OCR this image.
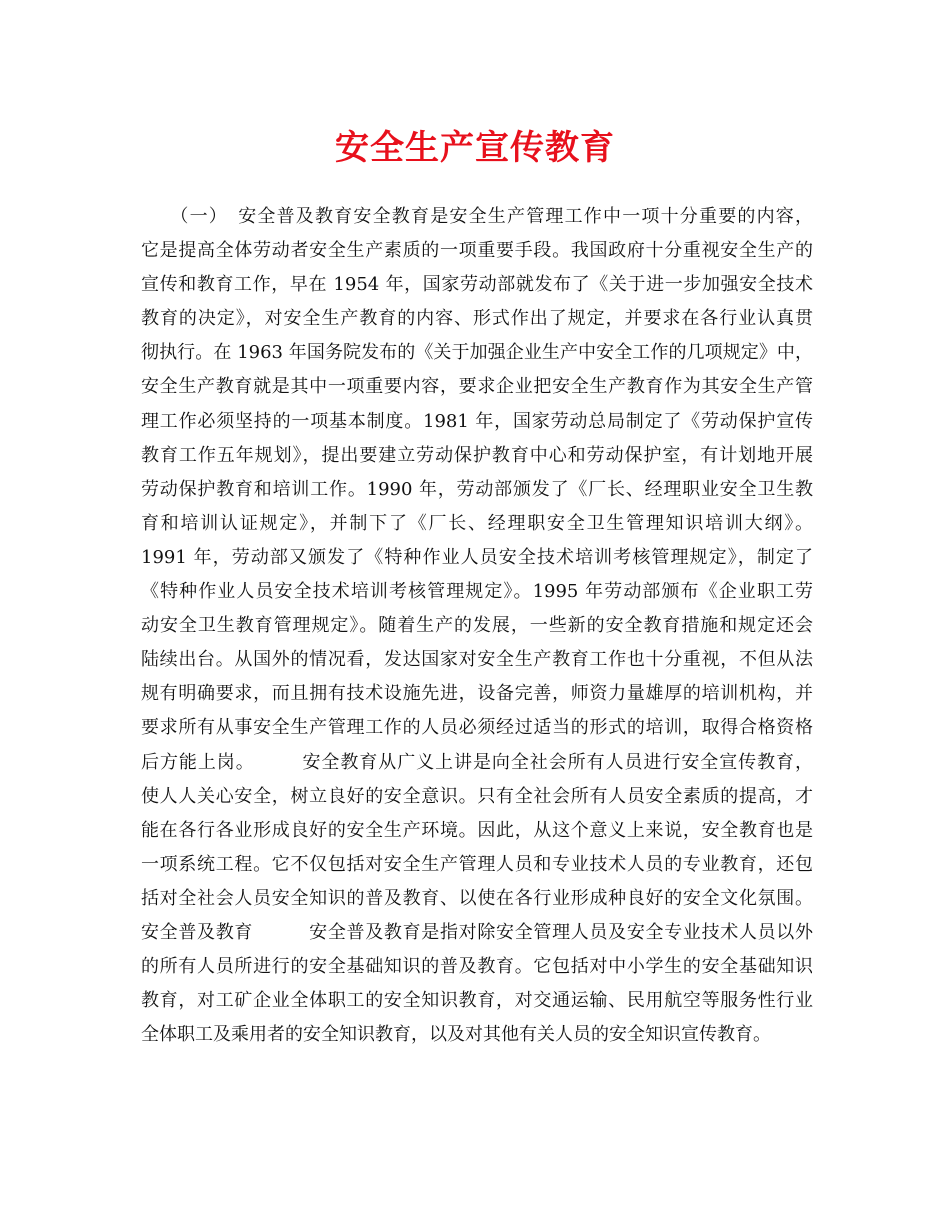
安全生产宣传教育
　　（一）　安全普及教育安全教育是安全生产管理工作中一项十分重要的内容，
它是提高全体劳动者安全生产素质的一项重要手段。我国政府十分重视安全生产的
宣传和教育工作，早在 1954 年，国家劳动部就发布了《关于进一步加强安全技术
教育的决定》，对安全生产教育的内容、形式作出了规定，并要求在各行业认真贯
彻执行。在 1963 年国务院发布的《关于加强企业生产中安全工作的几项规定》中，
安全生产教育就是其中一项重要内容，要求企业把安全生产教育作为其安全生产管
理工作必须坚持的一项基本制度。1981 年，国家劳动总局制定了《劳动保护宣传
教育工作五年规划》，提出要建立劳动保护教育中心和劳动保护室，有计划地开展
劳动保护教育和培训工作。1990 年，劳动部颁发了《厂长、经理职业安全卫生教
育和培训认证规定》，并制下了《厂长、经理职安全卫生管理知识培训大纲》。
1991 年，劳动部又颁发了《特种作业人员安全技术培训考核管理规定》，制定了
《特种作业人员安全技术培训考核管理规定》。1995 年劳动部颁布《企业职工劳
动安全卫生教育管理规定》。随着生产的发展，一些新的安全教育措施和规定还会
陆续出台。从国外的情况看，发达国家对安全生产教育工作也十分重视，不但从法
规有明确要求，而且拥有技术设施先进，设备完善，师资力量雄厚的培训机构，并
要求所有从事安全生产管理工作的人员必须经过适当的形式的培训，取得合格资格
后方能上岗。　　　安全教育从广义上讲是向全社会所有人员进行安全宣传教育，
使人人关心安全，树立良好的安全意识。只有全社会所有人员安全素质的提高，才
能在各行各业形成良好的安全生产环境。因此，从这个意义上来说，安全教育也是
一项系统工程。它不仅包括对安全生产管理人员和专业技术人员的专业教育，还包
括对全社会人员安全知识的普及教育、以使在各行业形成种良好的安全文化氛围。
安全普及教育　　　安全普及教育是指对除安全管理人员及安全专业技术人员以外
的所有人员所进行的安全基础知识的普及教育。它包括对中小学生的安全基础知识
教育，对工矿企业全体职工的安全知识教育，对交通运输、民用航空等服务性行业
全体职工及乘用者的安全知识教育，以及对其他有关人员的安全知识宣传教育。
